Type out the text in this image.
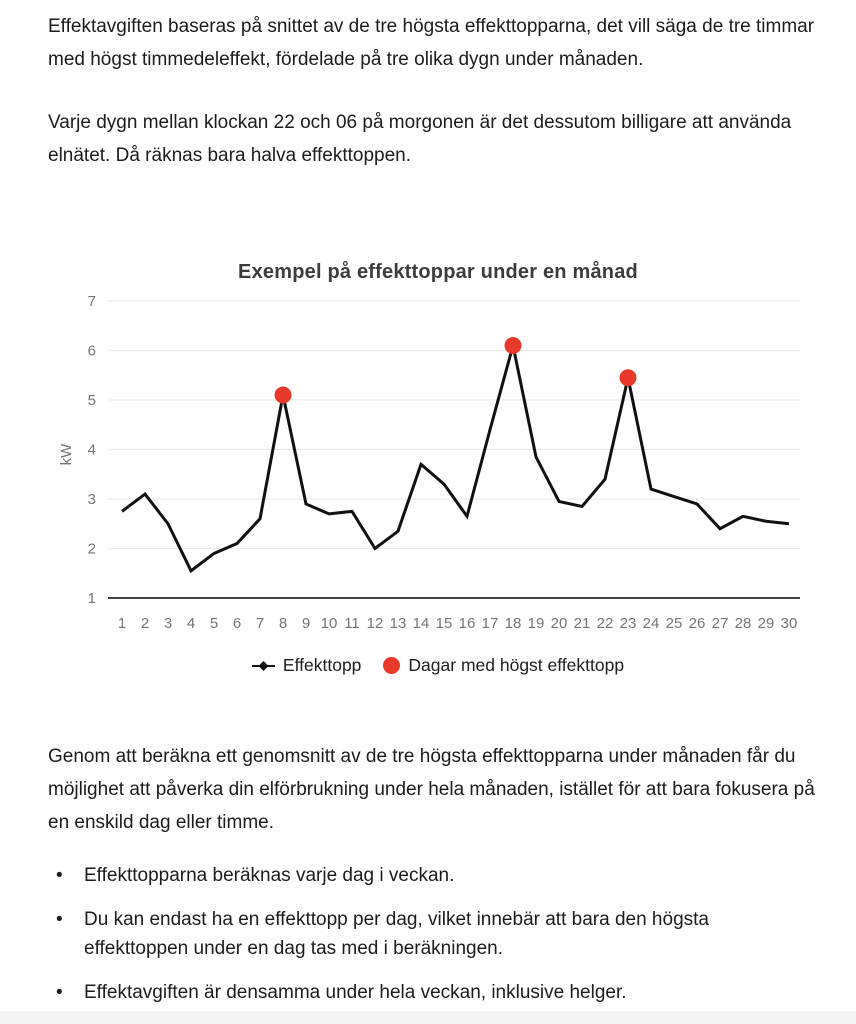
Effektavgiften baseras på snittet av de tre högsta effekttopparna, det vill säga de tre timmar med högst timmedeleffekt, fördelade på tre olika dygn under månaden.

Varje dygn mellan klockan 22 och 06 på morgonen är det dessutom billigare att använda elnätet. Då räknas bara halva effekttoppen.

Exempel på effekttoppar under en månad
1
2
3
4
5
6
7
kW
1 2 3 4 5 6 7 8 9 10 11 12 13 14 15 16 17 18 19 20 21 22 23 24 25 26 27 28 29 30
Effekttopp	Dagar med högst effekttopp

Genom att beräkna ett genomsnitt av de tre högsta effekttopparna under månaden får du möjlighet att påverka din elförbrukning under hela månaden, istället för att bara fokusera på en enskild dag eller timme.

• Effekttopparna beräknas varje dag i veckan.
• Du kan endast ha en effekttopp per dag, vilket innebär att bara den högsta effekttoppen under en dag tas med i beräkningen.
• Effektavgiften är densamma under hela veckan, inklusive helger.
